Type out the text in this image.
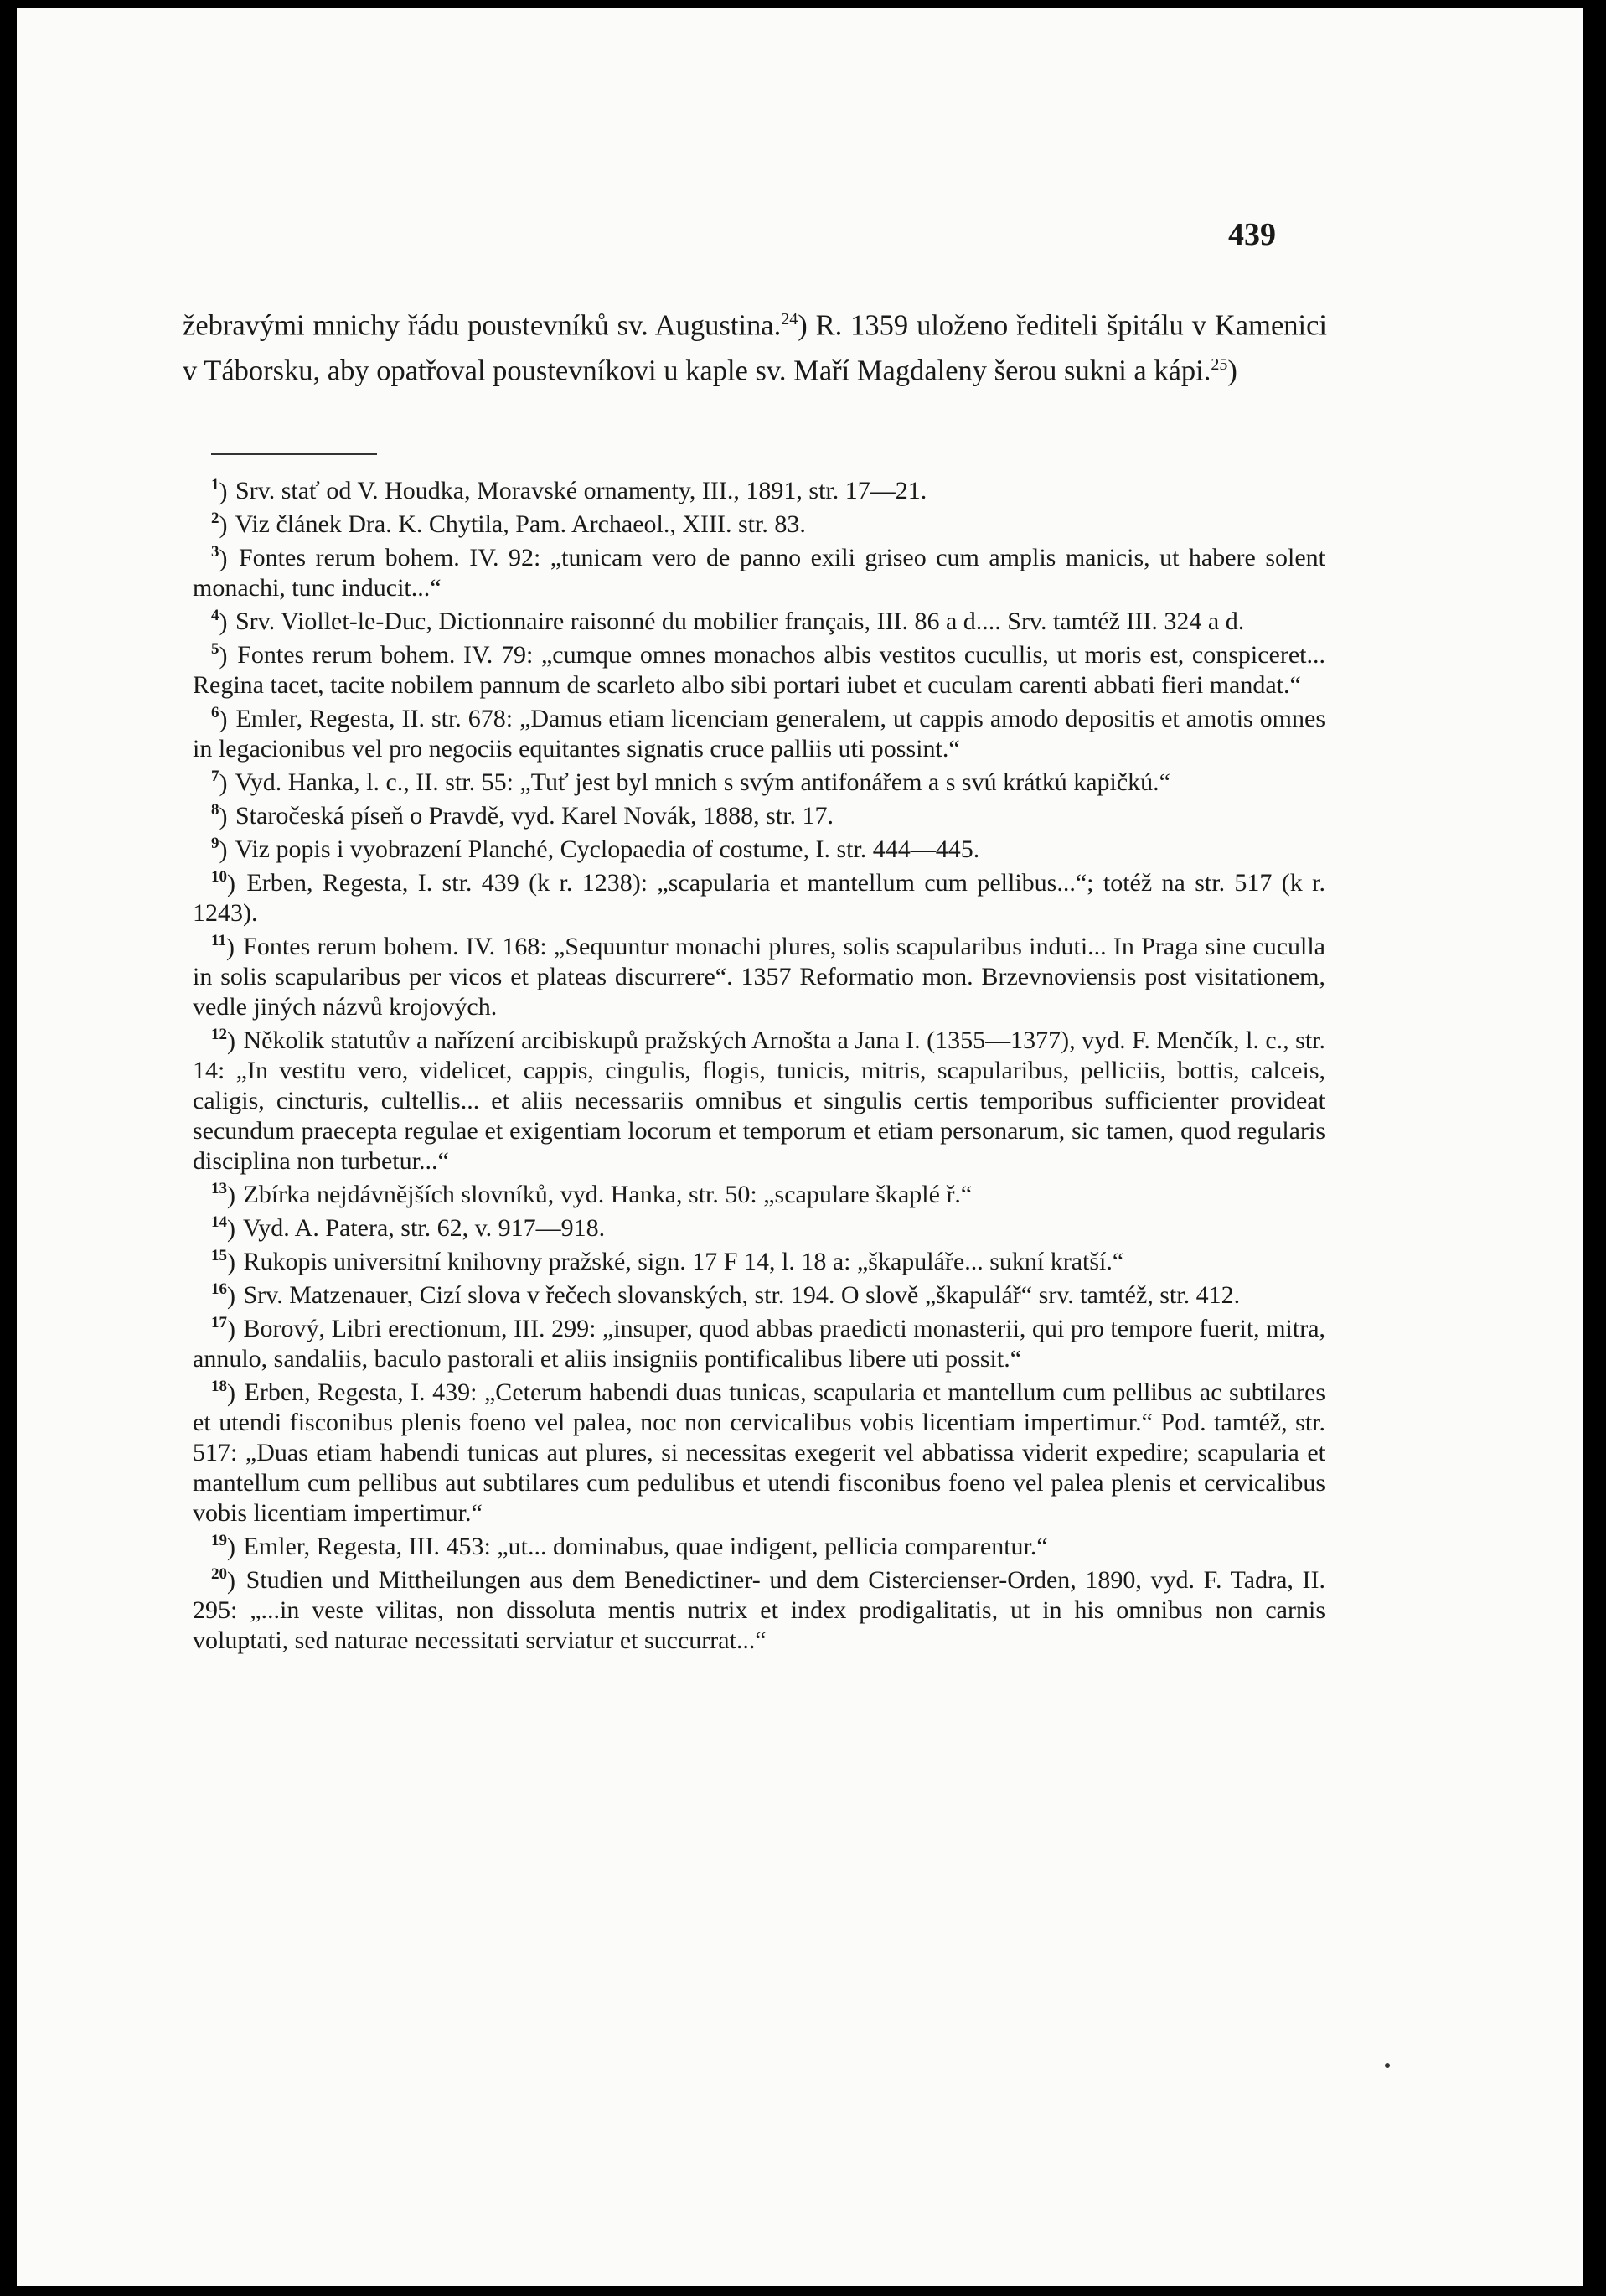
439

žebravými mnichy řádu poustevníků sv. Augustina.$^{24}$) R. 1359 uloženo řediteli špitálu v Kamenici v Táborsku, aby opatřoval poustevníkovi u kaple sv. Maří Magdaleny šerou sukni a kápi.$^{25}$)

$^1$ ) Srv. stať od V. Houdka, Moravské ornamenty, III., 1891, str. 17—21.

$^2$ ) Viz článek Dra. K. Chytila, Pam. Archaeol., XIII. str. 83.

$^3$ ) Fontes rerum bohem. IV. 92: „tunicam vero de panno exili griseo cum amplis manicis, ut habere solent monachi, tunc inducit...“

$^4$ ) Srv. Viollet-le-Duc, Dictionnaire raisonné du mobilier français, III. 86 a d.... Srv. tamtéž III. 324 a d.

$^5$ ) Fontes rerum bohem. IV. 79: „cumque omnes monachos albis vestitos cucullis, ut moris est, conspiceret... Regina tacet, tacite nobilem pannum de scarleto albo sibi portari iubet et cuculam carenti abbati fieri mandat.“

$^6$ ) Emler, Regesta, II. str. 678: „Damus etiam licenciam generalem, ut cappis amodo depositis et amotis omnes in legacionibus vel pro negociis equitantes signatis cruce palliis uti possint.“

$^7$ ) Vyd. Hanka, l. c., II. str. 55: „Tuť jest byl mnich s svým antifonářem a s svú krátkú kapičkú.“

$^8$ ) Staročeská píseň o Pravdě, vyd. Karel Novák, 1888, str. 17.

$^9$ ) Viz popis i vyobrazení Planché, Cyclopaedia of costume, I. str. 444—445.

$^{10}$ ) Erben, Regesta, I. str. 439 (k r. 1238): „scapularia et mantellum cum pellibus...“; totéž na str. 517 (k r. 1243).

$^{11}$ ) Fontes rerum bohem. IV. 168: „Sequuntur monachi plures, solis scapularibus induti... In Praga sine cuculla in solis scapularibus per vicos et plateas discurrere“. 1357 Reformatio mon. Brzevnoviensis post visitationem, vedle jiných názvů krojových.

$^{12}$ ) Několik statutův a nařízení arcibiskupů pražských Arnošta a Jana I. (1355—1377), vyd. F. Menčík, l. c., str. 14: „In vestitu vero, videlicet, cappis, cingulis, flogis, tunicis, mitris, scapularibus, pelliciis, bottis, calceis, caligis, cincturis, cultellis... et aliis necessariis omnibus et singulis certis temporibus sufficienter provideat secundum praecepta regulae et exigentiam locorum et temporum et etiam personarum, sic tamen, quod regularis disciplina non turbetur...“

$^{13}$ ) Zbírka nejdávnějších slovníků, vyd. Hanka, str. 50: „scapulare škaplé ř.“

$^{14}$ ) Vyd. A. Patera, str. 62, v. 917—918.

$^{15}$ ) Rukopis universitní knihovny pražské, sign. 17 F 14, l. 18 a: „škapuláře... sukní kratší.“

$^{16}$ ) Srv. Matzenauer, Cizí slova v řečech slovanských, str. 194. O slově „škapulář“ srv. tamtéž, str. 412.

$^{17}$ ) Borový, Libri erectionum, III. 299: „insuper, quod abbas praedicti monasterii, qui pro tempore fuerit, mitra, annulo, sandaliis, baculo pastorali et aliis insigniis pontificalibus libere uti possit.“

$^{18}$ ) Erben, Regesta, I. 439: „Ceterum habendi duas tunicas, scapularia et mantellum cum pellibus ac subtilares et utendi fisconibus plenis foeno vel palea, noc non cervicalibus vobis licentiam impertimur.“ Pod. tamtéž, str. 517: „Duas etiam habendi tunicas aut plures, si necessitas exegerit vel abbatissa viderit expedire; scapularia et mantellum cum pellibus aut subtilares cum pedulibus et utendi fisconibus foeno vel palea plenis et cervicalibus vobis licentiam impertimur.“

$^{19}$ ) Emler, Regesta, III. 453: „ut... dominabus, quae indigent, pellicia comparentur.“

$^{20}$ ) Studien und Mittheilungen aus dem Benedictiner- und dem Cistercienser-Orden, 1890, vyd. F. Tadra, II. 295: „...in veste vilitas, non dissoluta mentis nutrix et index prodigalitatis, ut in his omnibus non carnis voluptati, sed naturae necessitati serviatur et succurrat...“
